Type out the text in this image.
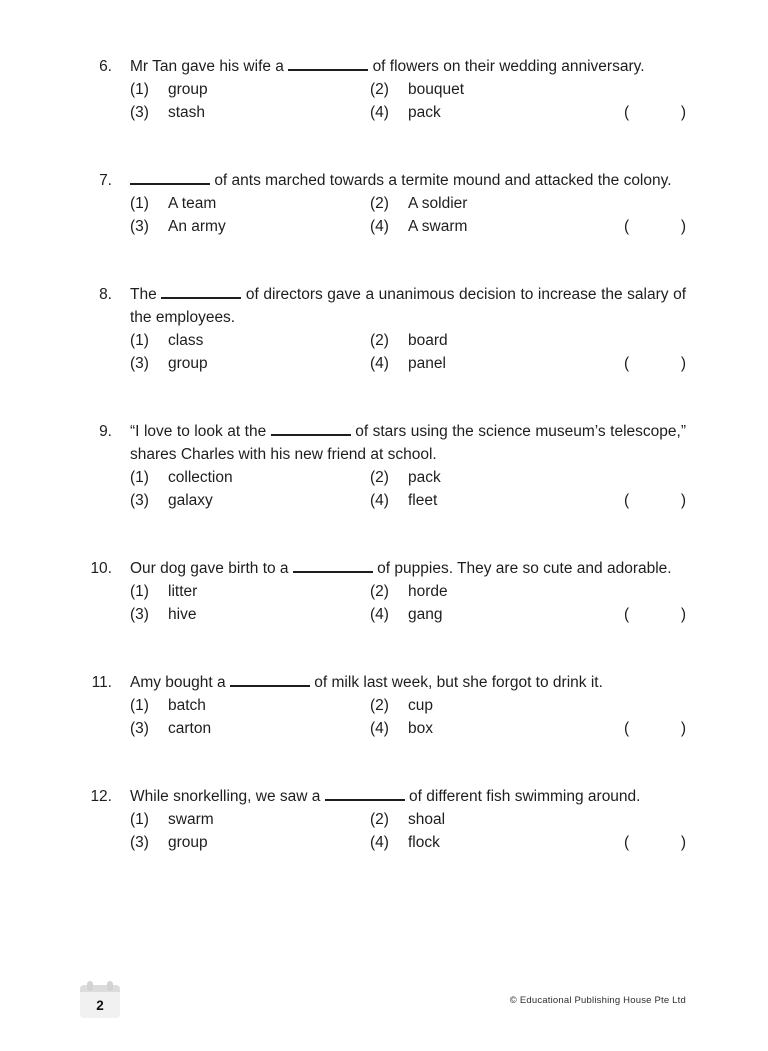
6. Mr Tan gave his wife a	of flowers on their wedding anniversary.

(1)	group	(2)	bouquet
(3)	stash	(4)	pack	(	)
7.	of ants marched towards a termite mound and attacked the colony.

(1)	A team	(2)	A soldier
(3)	An army	(4)	A swarm	(	)
8. The	of directors gave a unanimous decision to increase the salary of the employees.

(1)	class	(2)	board
(3)	group	(4)	panel	(	)
9. “I love to look at the	of stars using the science museum’s telescope,” shares Charles with his new friend at school.

(1)	collection	(2)	pack
(3)	galaxy	(4)	fleet	(	)
10. Our dog gave birth to a	of puppies. They are so cute and adorable.

(1)	litter	(2)	horde
(3)	hive	(4)	gang	(	)
11. Amy bought a	of milk last week, but she forgot to drink it.

(1)	batch	(2)	cup
(3)	carton	(4)	box	(	)
12. While snorkelling, we saw a	of different fish swimming around.

(1)	swarm	(2)	shoal
(3)	group	(4)	flock	(	)
2	© Educational Publishing House Pte Ltd
